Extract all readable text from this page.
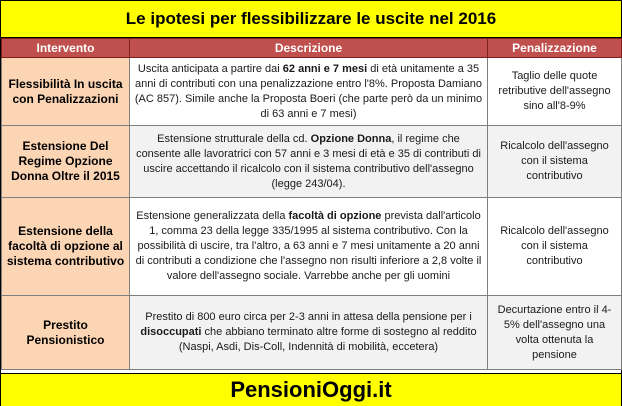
Le ipotesi per flessibilizzare le uscite nel 2016
Intervento	Descrizione	Penalizzazione
Flessibilità In uscita con Penalizzazioni	Uscita anticipata a partire dai 62 anni e 7 mesi di età unitamente a 35 anni di contributi con una penalizzazione entro l'8%. Proposta Damiano (AC 857). Simile anche la Proposta Boeri (che parte però da un minimo di 63 anni e 7 mesi)	Taglio delle quote retributive dell'assegno sino all'8-9%
Estensione Del Regime Opzione Donna Oltre il 2015	Estensione strutturale della cd. Opzione Donna, il regime che consente alle lavoratrici con 57 anni e 3 mesi di età e 35 di contributi di uscire accettando il ricalcolo con il sistema contributivo dell'assegno (legge 243/04).	Ricalcolo dell'assegno con il sistema contributivo
Estensione della facoltà di opzione al sistema contributivo	Estensione generalizzata della facoltà di opzione prevista dall'articolo 1, comma 23 della legge 335/1995 al sistema contributivo. Con la possibilità di uscire, tra l'altro, a 63 anni e 7 mesi unitamente a 20 anni di contributi a condizione che l'assegno non risulti inferiore a 2,8 volte il valore dell'assegno sociale. Varrebbe anche per gli uomini	Ricalcolo dell'assegno con il sistema contributivo
Prestito Pensionistico	Prestito di 800 euro circa per 2-3 anni in attesa della pensione per i disoccupati che abbiano terminato altre forme di sostegno al reddito (Naspi, Asdi, Dis-Coll, Indennità di mobilità, eccetera)	Decurtazione entro il 4-5% dell'assegno una volta ottenuta la pensione
PensioniOggi.it
